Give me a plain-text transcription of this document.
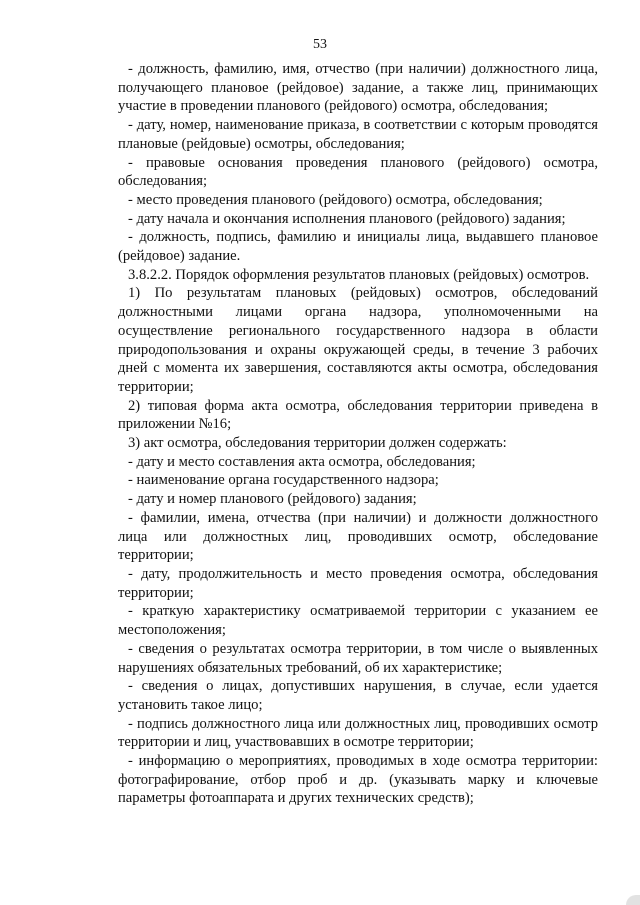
53

- должность, фамилию, имя, отчество (при наличии) должностного лица, получающего плановое (рейдовое) задание, а также лиц, принимающих участие в проведении планового (рейдового) осмотра, обследования;

- дату, номер, наименование приказа, в соответствии с которым проводятся плановые (рейдовые) осмотры, обследования;

- правовые основания проведения планового (рейдового) осмотра, обследования;

- место проведения планового (рейдового) осмотра, обследования;

- дату начала и окончания исполнения планового (рейдового) задания;

- должность, подпись, фамилию и инициалы лица, выдавшего плановое (рейдовое) задание.

3.8.2.2. Порядок оформления результатов плановых (рейдовых) осмотров.

1) По результатам плановых (рейдовых) осмотров, обследований должностными лицами органа надзора, уполномоченными на осуществление регионального государственного надзора в области природопользования и охраны окружающей среды, в течение 3 рабочих дней с момента их завершения, составляются акты осмотра, обследования территории;

2) типовая форма акта осмотра, обследования территории приведена в приложении №16;

3) акт осмотра, обследования территории должен содержать:

- дату и место составления акта осмотра, обследования;

- наименование органа государственного надзора;

- дату и номер планового (рейдового) задания;

- фамилии, имена, отчества (при наличии) и должности должностного лица или должностных лиц, проводивших осмотр, обследование территории;

- дату, продолжительность и место проведения осмотра, обследования территории;

- краткую характеристику осматриваемой территории с указанием ее местоположения;

- сведения о результатах осмотра территории, в том числе о выявленных нарушениях обязательных требований, об их характеристике;

- сведения о лицах, допустивших нарушения, в случае, если удается установить такое лицо;

- подпись должностного лица или должностных лиц, проводивших осмотр территории и лиц, участвовавших в осмотре территории;

- информацию о мероприятиях, проводимых в ходе осмотра территории: фотографирование, отбор проб и др. (указывать марку и ключевые параметры фотоаппарата и других технических средств);
